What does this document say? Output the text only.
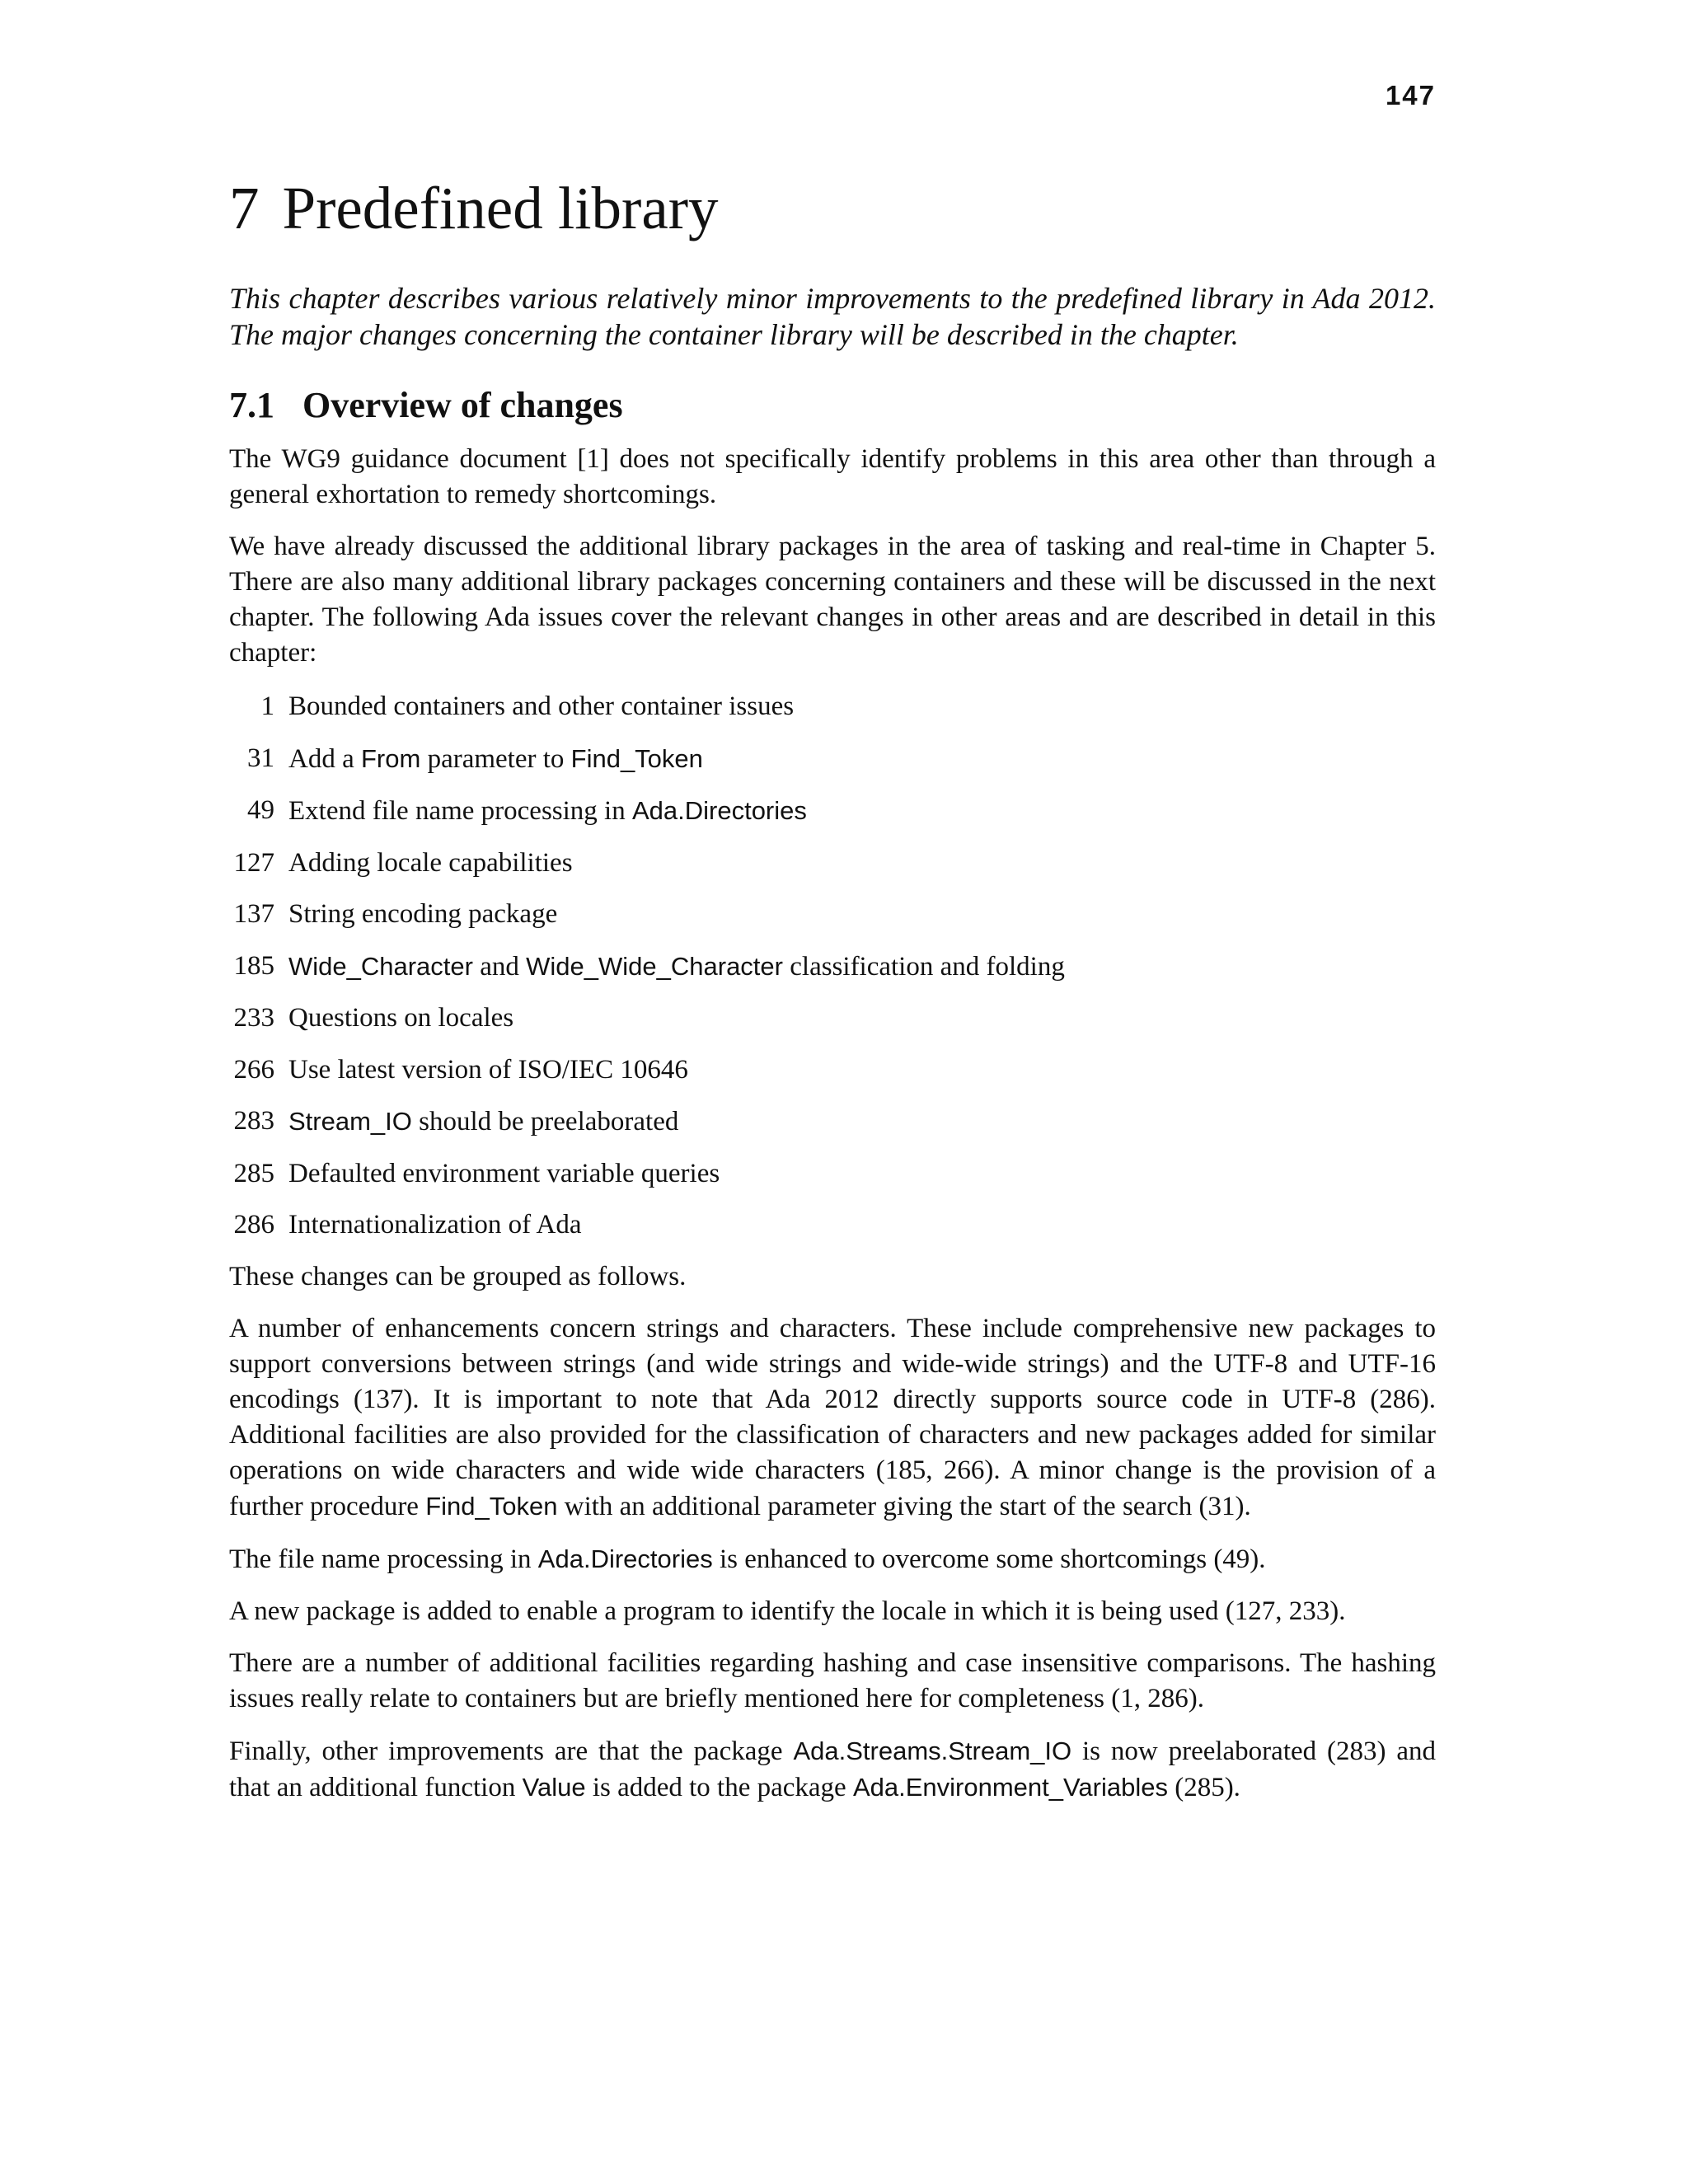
147
7 Predefined library
This chapter describes various relatively minor improvements to the predefined library in Ada 2012. The major changes concerning the container library will be described in the chapter.
7.1 Overview of changes

The WG9 guidance document [1] does not specifically identify problems in this area other than through a general exhortation to remedy shortcomings.

We have already discussed the additional library packages in the area of tasking and real-time in Chapter 5. There are also many additional library packages concerning containers and these will be discussed in the next chapter. The following Ada issues cover the relevant changes in other areas and are described in detail in this chapter:

1 Bounded containers and other container issues
31 Add a From parameter to Find_Token
49 Extend file name processing in Ada.Directories
127 Adding locale capabilities
137 String encoding package
185 Wide_Character and Wide_Wide_Character classification and folding
233 Questions on locales
266 Use latest version of ISO/IEC 10646
283 Stream_IO should be preelaborated
285 Defaulted environment variable queries
286 Internationalization of Ada

These changes can be grouped as follows.

A number of enhancements concern strings and characters. These include comprehensive new packages to support conversions between strings (and wide strings and wide-wide strings) and the UTF-8 and UTF-16 encodings (137). It is important to note that Ada 2012 directly supports source code in UTF-8 (286). Additional facilities are also provided for the classification of characters and new packages added for similar operations on wide characters and wide wide characters (185, 266). A minor change is the provision of a further procedure Find_Token with an additional parameter giving the start of the search (31).

The file name processing in Ada.Directories is enhanced to overcome some shortcomings (49).

A new package is added to enable a program to identify the locale in which it is being used (127, 233).

There are a number of additional facilities regarding hashing and case insensitive comparisons. The hashing issues really relate to containers but are briefly mentioned here for completeness (1, 286).

Finally, other improvements are that the package Ada.Streams.Stream_IO is now preelaborated (283) and that an additional function Value is added to the package Ada.Environment_Variables (285).
